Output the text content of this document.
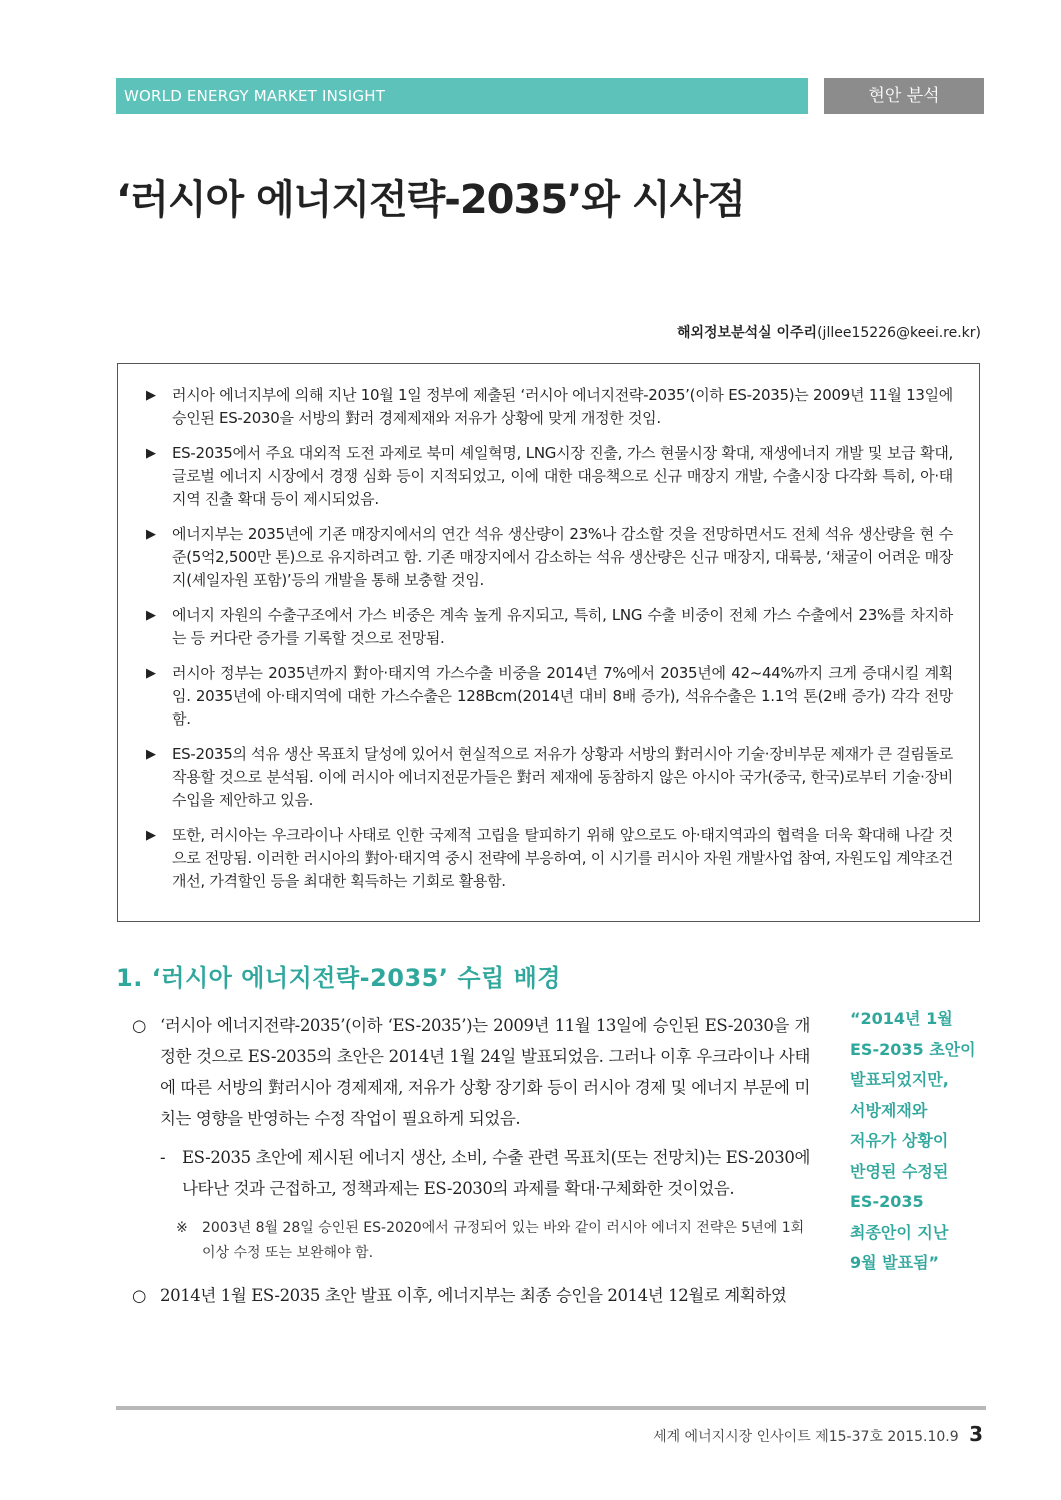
WORLD ENERGY MARKET INSIGHT	현안 분석
‘러시아 에너지전략-2035’와 시사점
해외정보분석실 이주리(jllee15226@keei.re.kr)
▶ 러시아 에너지부에 의해 지난 10월 1일 정부에 제출된 ‘러시아 에너지전략-2035’(이하 ES-2035)는 2009년 11월 13일에 승인된 ES-2030을 서방의 對러 경제제재와 저유가 상황에 맞게 개정한 것임.
▶ ES-2035에서 주요 대외적 도전 과제로 북미 셰일혁명, LNG시장 진출, 가스 현물시장 확대, 재생에너지 개발 및 보급 확대, 글로벌 에너지 시장에서 경쟁 심화 등이 지적되었고, 이에 대한 대응책으로 신규 매장지 개발, 수출시장 다각화 특히, 아·태지역 진출 확대 등이 제시되었음.
▶ 에너지부는 2035년에 기존 매장지에서의 연간 석유 생산량이 23%나 감소할 것을 전망하면서도 전체 석유 생산량을 현 수준(5억2,500만 톤)으로 유지하려고 함. 기존 매장지에서 감소하는 석유 생산량은 신규 매장지, 대륙붕, ‘채굴이 어려운 매장지(셰일자원 포함)’등의 개발을 통해 보충할 것임.
▶ 에너지 자원의 수출구조에서 가스 비중은 계속 높게 유지되고, 특히, LNG 수출 비중이 전체 가스 수출에서 23%를 차지하는 등 커다란 증가를 기록할 것으로 전망됨.
▶ 러시아 정부는 2035년까지 對아·태지역 가스수출 비중을 2014년 7%에서 2035년에 42~44%까지 크게 증대시킬 계획임. 2035년에 아·태지역에 대한 가스수출은 128Bcm(2014년 대비 8배 증가), 석유수출은 1.1억 톤(2배 증가) 각각 전망함.
▶ ES-2035의 석유 생산 목표치 달성에 있어서 현실적으로 저유가 상황과 서방의 對러시아 기술·장비부문 제재가 큰 걸림돌로 작용할 것으로 분석됨. 이에 러시아 에너지전문가들은 對러 제재에 동참하지 않은 아시아 국가(중국, 한국)로부터 기술·장비 수입을 제안하고 있음.
▶ 또한, 러시아는 우크라이나 사태로 인한 국제적 고립을 탈피하기 위해 앞으로도 아·태지역과의 협력을 더욱 확대해 나갈 것으로 전망됨. 이러한 러시아의 對아·태지역 중시 전략에 부응하여, 이 시기를 러시아 자원 개발사업 참여, 자원도입 계약조건 개선, 가격할인 등을 최대한 획득하는 기회로 활용함.
1. ‘러시아 에너지전략-2035’ 수립 배경

○ ‘러시아 에너지전략-2035’(이하 ‘ES-2035’)는 2009년 11월 13일에 승인된 ES-2030을 개정한 것으로 ES-2035의 초안은 2014년 1월 24일 발표되었음. 그러나 이후 우크라이나 사태에 따른 서방의 對러시아 경제제재, 저유가 상황 장기화 등이 러시아 경제 및 에너지 부문에 미치는 영향을 반영하는 수정 작업이 필요하게 되었음.

- ES-2035 초안에 제시된 에너지 생산, 소비, 수출 관련 목표치(또는 전망치)는 ES-2030에 나타난 것과 근접하고, 정책과제는 ES-2030의 과제를 확대·구체화한 것이었음.

※ 2003년 8월 28일 승인된 ES-2020에서 규정되어 있는 바와 같이 러시아 에너지 전략은 5년에 1회 이상 수정 또는 보완해야 함.

○ 2014년 1월 ES-2035 초안 발표 이후, 에너지부는 최종 승인을 2014년 12월로 계획하였

“2014년 1월
ES-2035 초안이
발표되었지만,
서방제재와
저유가 상황이
반영된 수정된
ES-2035
최종안이 지난
9월 발표됨”
세계 에너지시장 인사이트 제15-37호 2015.10.9 3
